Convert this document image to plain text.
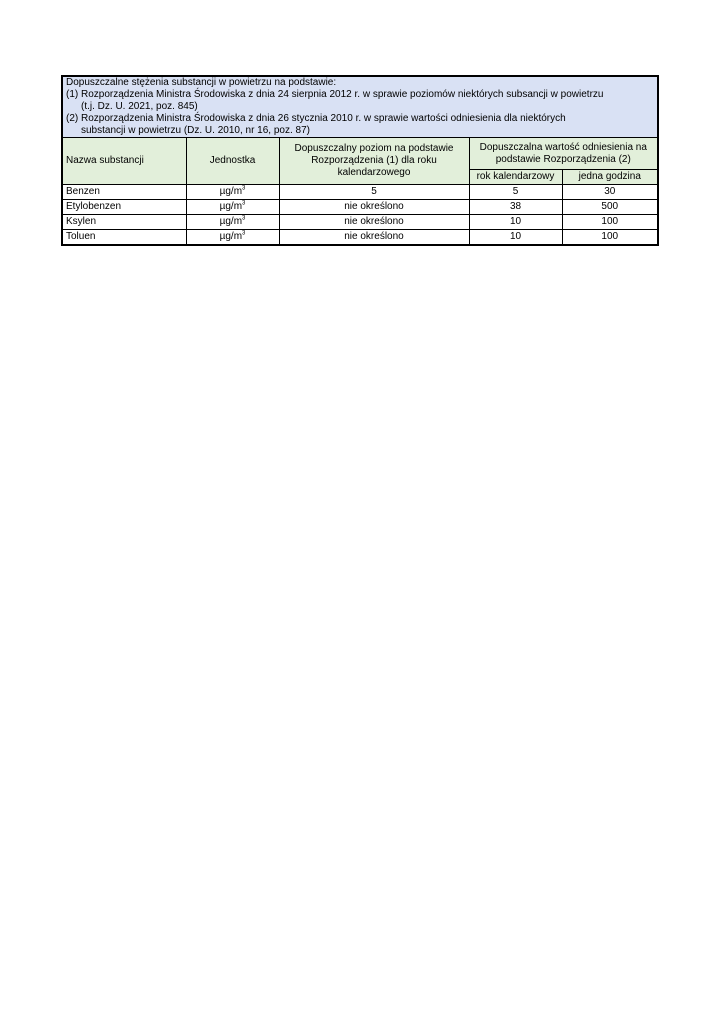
Dopuszczalne stężenia substancji w powietrzu na podstawie:
(1) Rozporządzenia Ministra Środowiska z dnia 24 sierpnia 2012 r. w sprawie poziomów niektórych subsancji w powietrzu
(t.j. Dz. U. 2021, poz. 845)
(2) Rozporządzenia Ministra Środowiska z dnia 26 stycznia 2010 r. w sprawie wartości odniesienia dla niektórych
substancji w powietrzu (Dz. U. 2010, nr 16, poz. 87)				

Nazwa substancji	Jednostka	Dopuszczalny poziom na podstawie Rozporządzenia (1) dla roku kalendarzowego	Dopuszczalna wartość odniesienia na podstawie Rozporządzenia (2)	
			rok kalendarzowy	jedna godzina
Benzen	$\mu g/m^3$	5	5	30
Etylobenzen	$\mu g/m^3$	nie określono	38	500
Ksylen	$\mu g/m^3$	nie określono	10	100
Toluen	$\mu g/m^3$	nie określono	10	100
